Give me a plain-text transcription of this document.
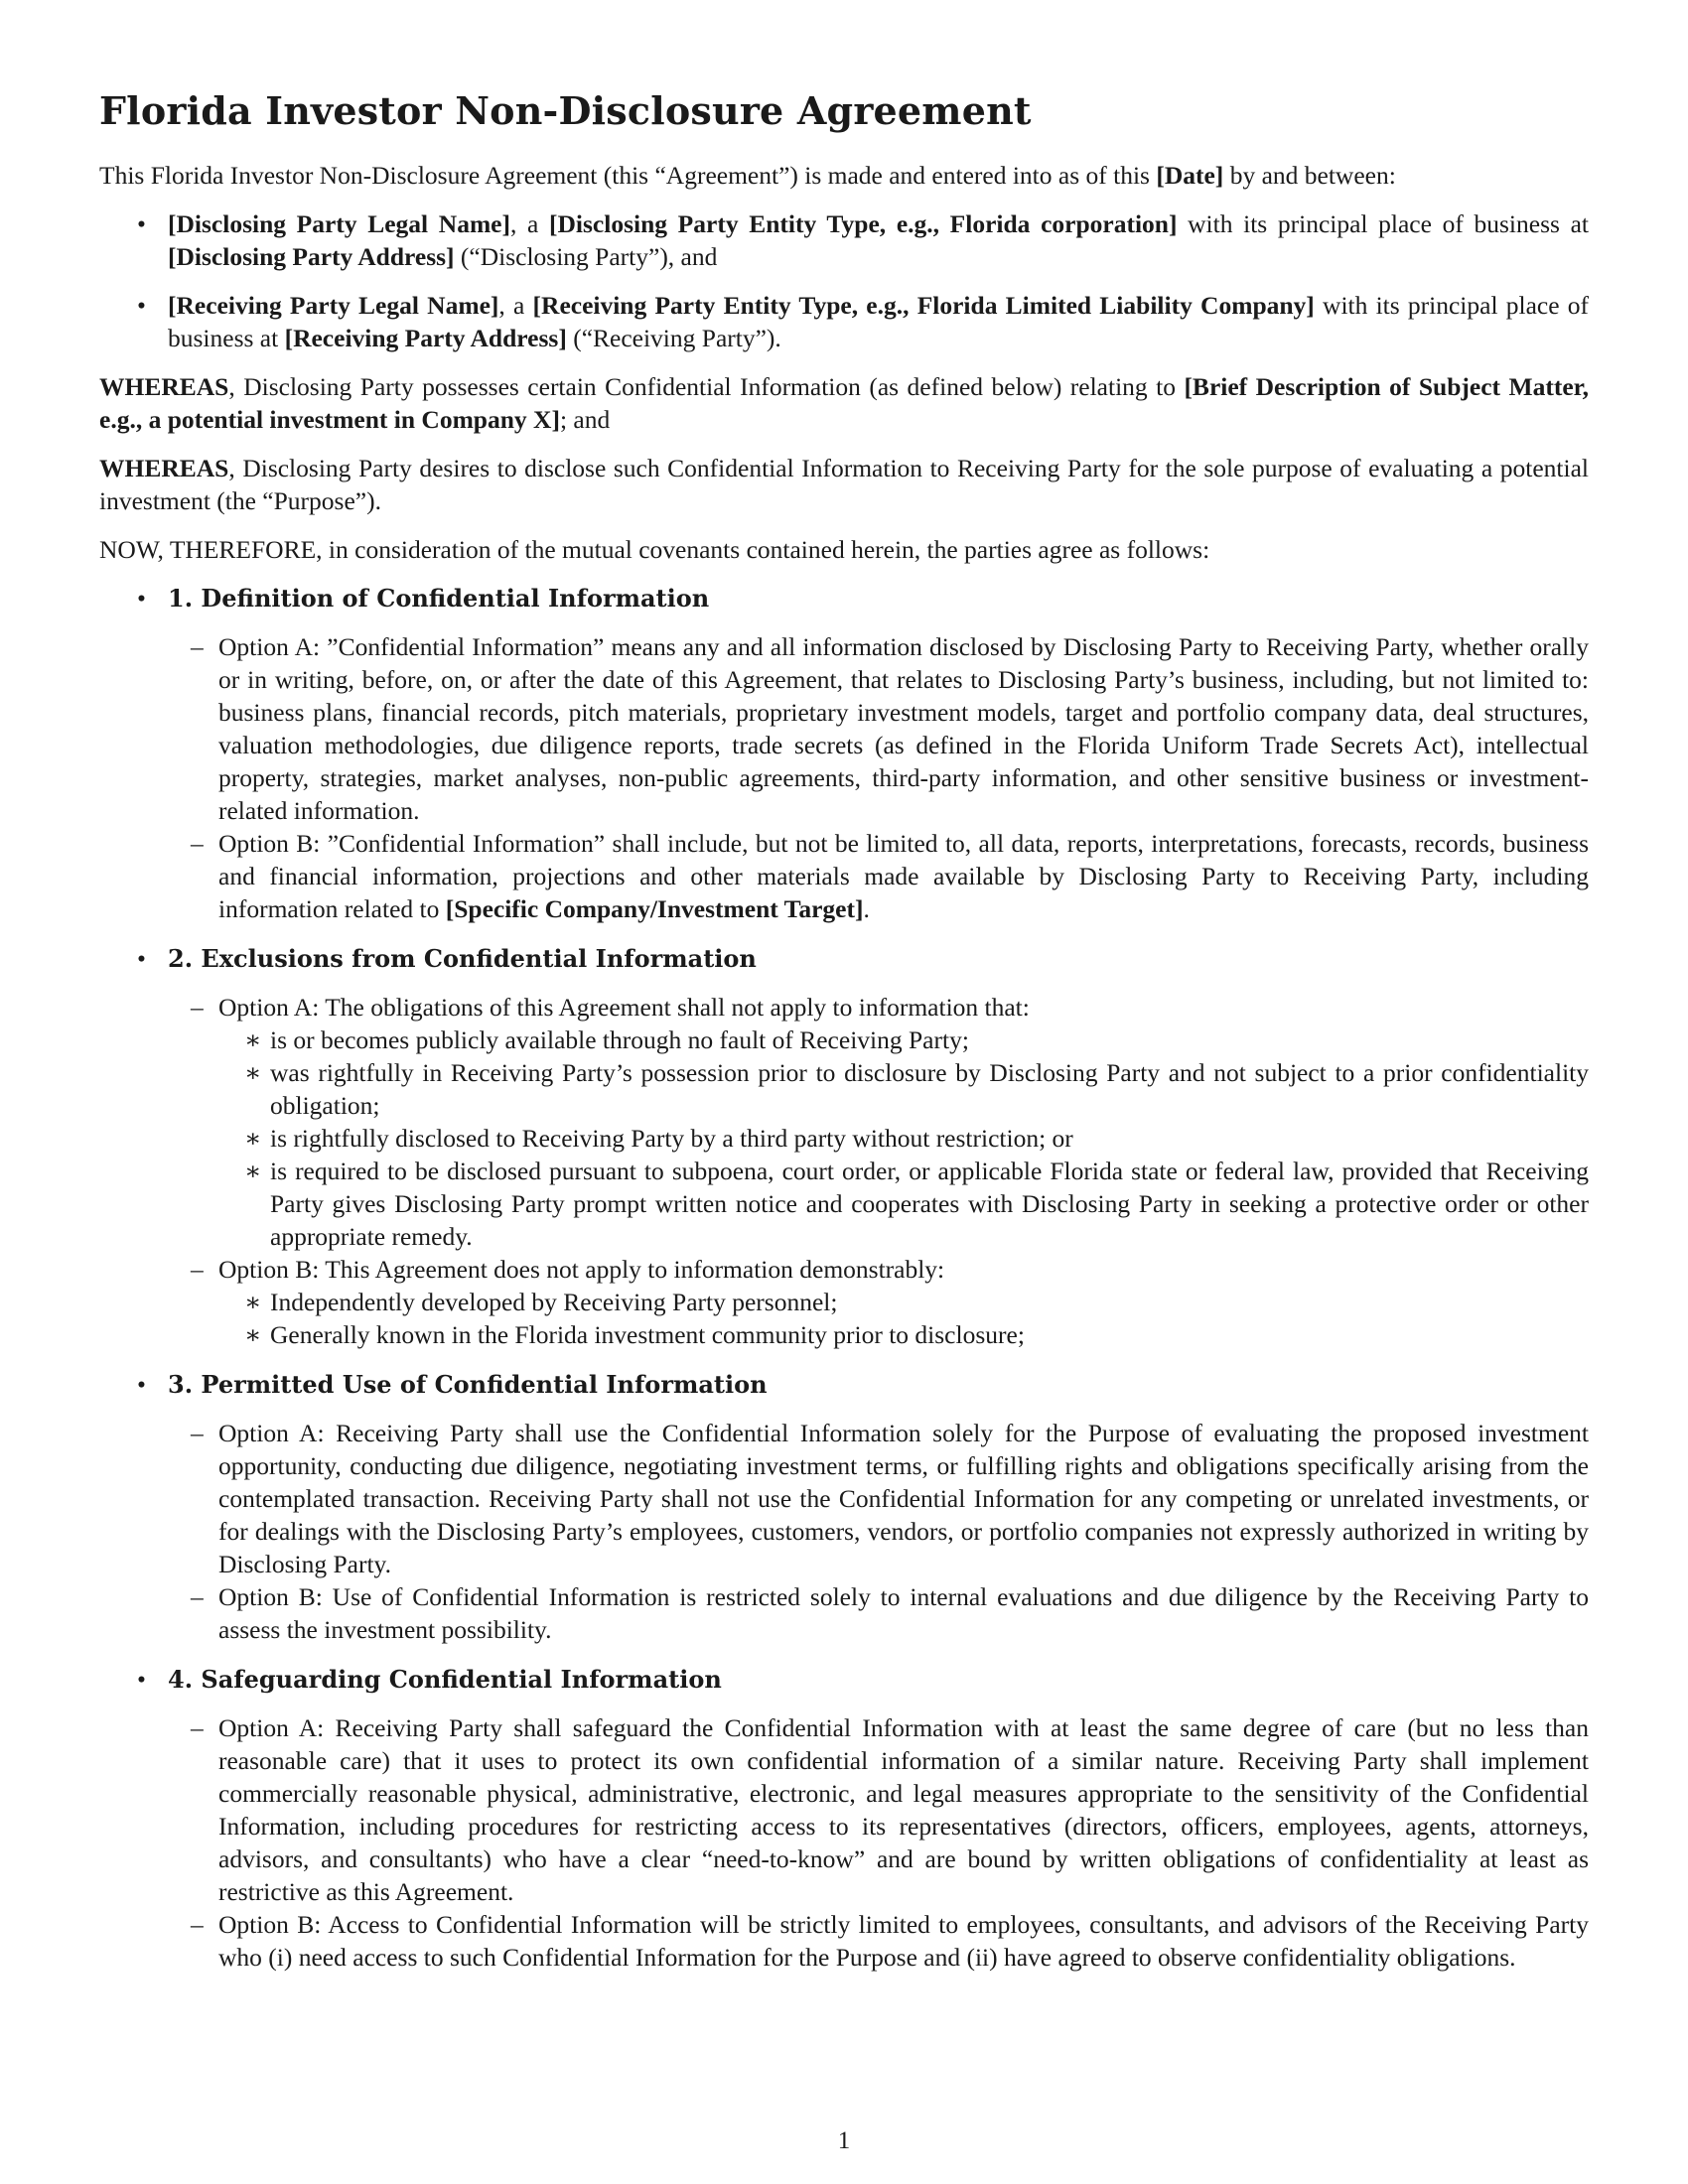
Florida Investor Non-Disclosure Agreement

This Florida Investor Non-Disclosure Agreement (this “Agreement”) is made and entered into as of this [Date] by and between:

• [Disclosing Party Legal Name], a [Disclosing Party Entity Type, e.g., Florida corporation] with its principal place of business at [Disclosing Party Address] (“Disclosing Party”), and
• [Receiving Party Legal Name], a [Receiving Party Entity Type, e.g., Florida Limited Liability Company] with its principal place of business at [Receiving Party Address] (“Receiving Party”).

WHEREAS, Disclosing Party possesses certain Confidential Information (as defined below) relating to [Brief Description of Subject Matter, e.g., a potential investment in Company X]; and

WHEREAS, Disclosing Party desires to disclose such Confidential Information to Receiving Party for the sole purpose of evaluating a potential investment (the “Purpose”).

NOW, THEREFORE, in consideration of the mutual covenants contained herein, the parties agree as follows:

• 1. Definition of Confidential Information
– Option A: ”Confidential Information” means any and all information disclosed by Disclosing Party to Receiving Party, whether orally or in writing, before, on, or after the date of this Agreement, that relates to Disclosing Party’s business, including, but not limited to: business plans, financial records, pitch materials, proprietary investment models, target and portfolio company data, deal structures, valuation methodologies, due diligence reports, trade secrets (as defined in the Florida Uniform Trade Secrets Act), intellectual property, strategies, market analyses, non-public agreements, third-party information, and other sensitive business or investment-related information.
– Option B: ”Confidential Information” shall include, but not be limited to, all data, reports, interpretations, forecasts, records, business and financial information, projections and other materials made available by Disclosing Party to Receiving Party, including information related to [Specific Company/Investment Target].
• 2. Exclusions from Confidential Information
– Option A: The obligations of this Agreement shall not apply to information that:
∗ is or becomes publicly available through no fault of Receiving Party;
∗ was rightfully in Receiving Party’s possession prior to disclosure by Disclosing Party and not subject to a prior confidentiality obligation;
∗ is rightfully disclosed to Receiving Party by a third party without restriction; or
∗ is required to be disclosed pursuant to subpoena, court order, or applicable Florida state or federal law, provided that Receiving Party gives Disclosing Party prompt written notice and cooperates with Disclosing Party in seeking a protective order or other appropriate remedy.
– Option B: This Agreement does not apply to information demonstrably:
∗ Independently developed by Receiving Party personnel;
∗ Generally known in the Florida investment community prior to disclosure;
• 3. Permitted Use of Confidential Information
– Option A: Receiving Party shall use the Confidential Information solely for the Purpose of evaluating the proposed investment opportunity, conducting due diligence, negotiating investment terms, or fulfilling rights and obligations specifically arising from the contemplated transaction. Receiving Party shall not use the Confidential Information for any competing or unrelated investments, or for dealings with the Disclosing Party’s employees, customers, vendors, or portfolio companies not expressly authorized in writing by Disclosing Party.
– Option B: Use of Confidential Information is restricted solely to internal evaluations and due diligence by the Receiving Party to assess the investment possibility.
• 4. Safeguarding Confidential Information
– Option A: Receiving Party shall safeguard the Confidential Information with at least the same degree of care (but no less than reasonable care) that it uses to protect its own confidential information of a similar nature. Receiving Party shall implement commercially reasonable physical, administrative, electronic, and legal measures appropriate to the sensitivity of the Confidential Information, including procedures for restricting access to its representatives (directors, officers, employees, agents, attorneys, advisors, and consultants) who have a clear “need-to-know” and are bound by written obligations of confidentiality at least as restrictive as this Agreement.
– Option B: Access to Confidential Information will be strictly limited to employees, consultants, and advisors of the Receiving Party who (i) need access to such Confidential Information for the Purpose and (ii) have agreed to observe confidentiality obligations.
1
